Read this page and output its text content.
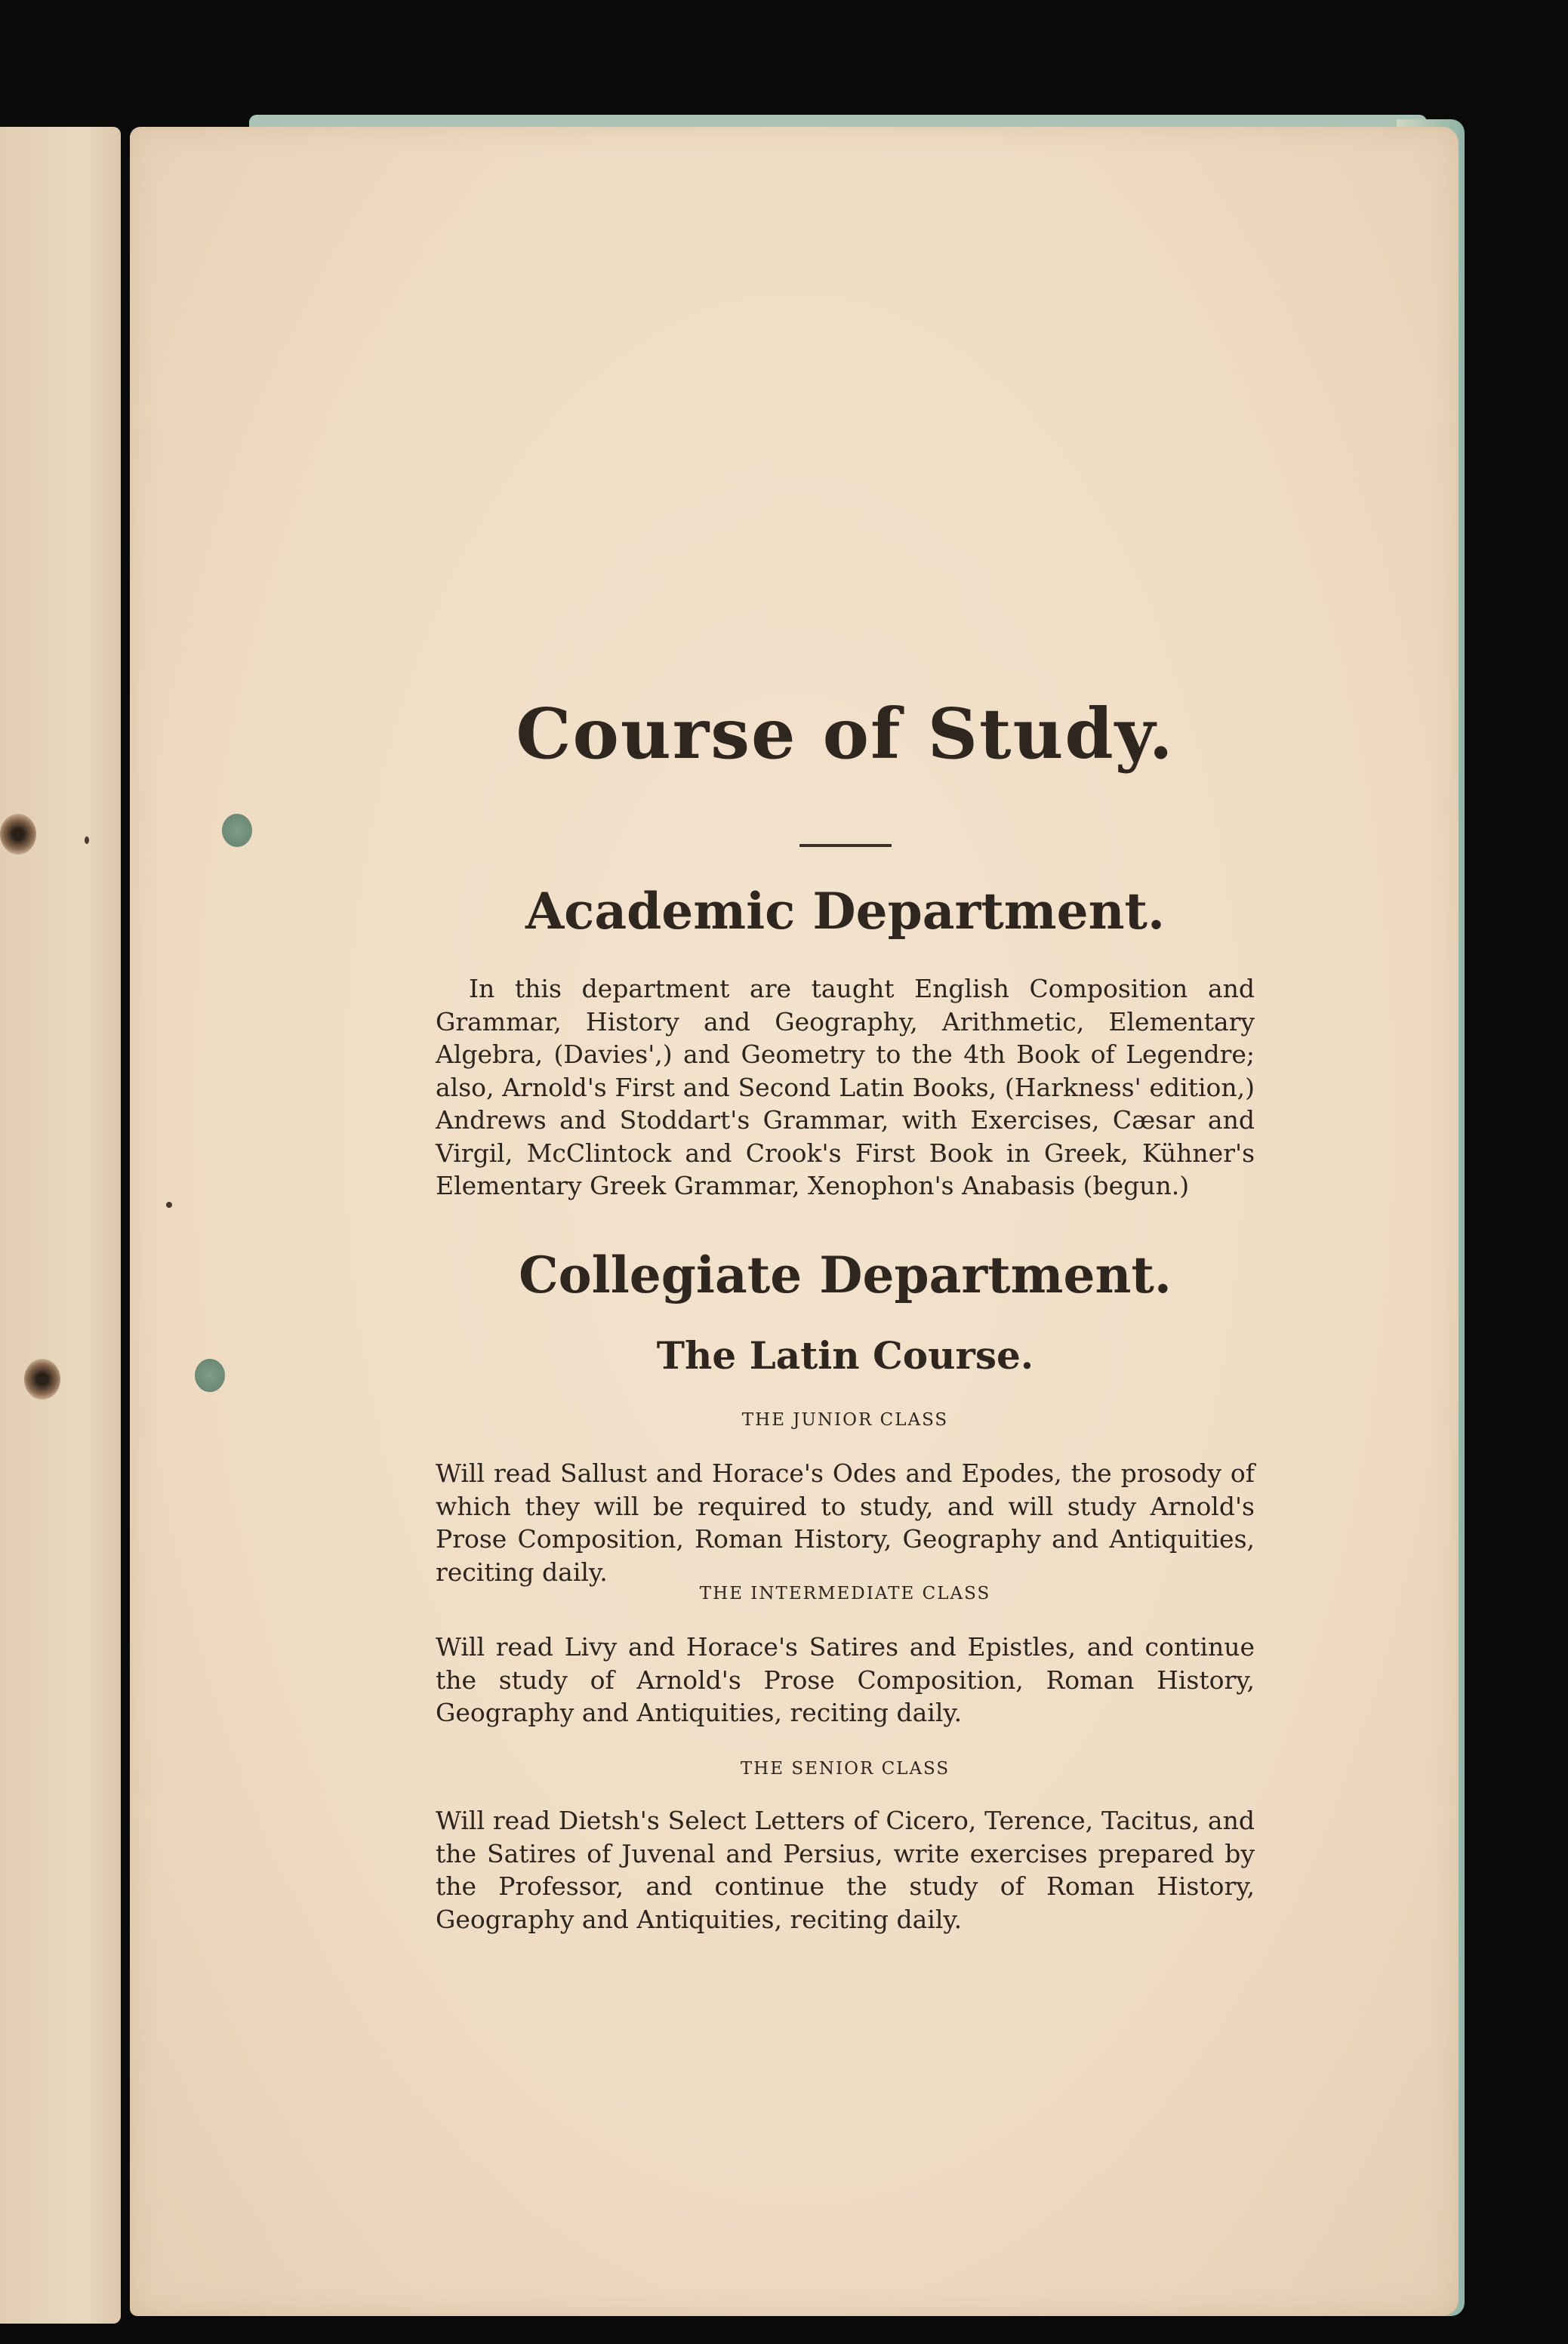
Course of Study.
Academic Department.
In this department are taught English Composition and Grammar, History and Geography, Arithmetic, Elementary Algebra, (Davies',) and Geometry to the 4th Book of Legendre; also, Arnold's First and Second Latin Books, (Harkness' edition,) Andrews and Stoddart's Grammar, with Exercises, Cæsar and Virgil, McClintock and Crook's First Book in Greek, Kühner's Elementary Greek Grammar, Xenophon's Anabasis (begun.)
Collegiate Department.
The Latin Course.
THE JUNIOR CLASS
Will read Sallust and Horace's Odes and Epodes, the prosody of which they will be required to study, and will study Arnold's Prose Composition, Roman History, Geography and Antiquities, reciting daily.
THE INTERMEDIATE CLASS
Will read Livy and Horace's Satires and Epistles, and continue the study of Arnold's Prose Composition, Roman History, Geography and Antiquities, reciting daily.
THE SENIOR CLASS
Will read Dietsh's Select Letters of Cicero, Terence, Tacitus, and the Satires of Juvenal and Persius, write exercises prepared by the Professor, and continue the study of Roman History, Geography and Antiquities, reciting daily.
